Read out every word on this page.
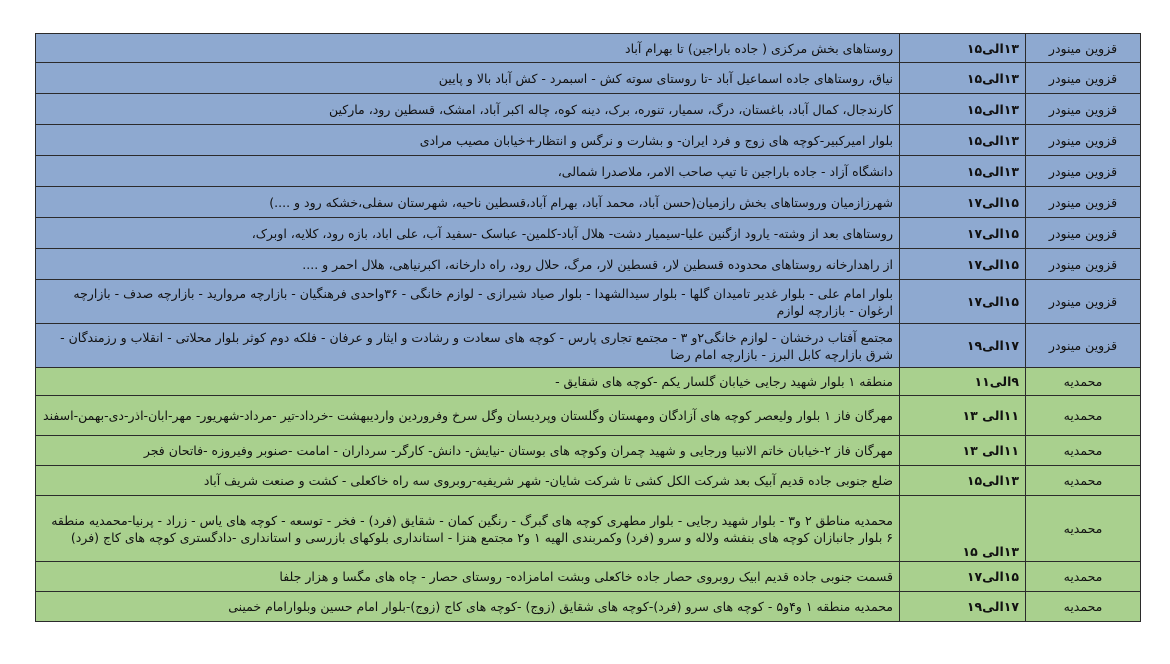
قزوین مینودر	۱۳الی۱۵	روستاهای بخش مرکزی ( جاده باراجین) تا بهرام آباد
قزوین مینودر	۱۳الی۱۵	نیاق، روستاهای جاده اسماعیل آباد -تا روستای سوته کش - اسبمرد - کش آباد بالا و پایین
قزوین مینودر	۱۳الی۱۵	کارندجال، کمال آباد، باغستان، درگ، سمیار، تنوره، برک، دینه کوه، چاله اکبر آباد، امشک، قسطین رود، مارکین
قزوین مینودر	۱۳الی۱۵	بلوار امیرکبیر-کوچه های زوج و فرد ایران- و بشارت و نرگس و انتظار+خیابان مصیب مرادی
قزوین مینودر	۱۳الی۱۵	دانشگاه آزاد - جاده باراجین تا تیپ صاحب الامر، ملاصدرا شمالی،
قزوین مینودر	۱۵الی۱۷	شهرزازمیان وروستاهای بخش رازمیان(حسن آباد، محمد آباد، بهرام آباد،قسطین ناحیه، شهرستان سفلی،خشکه رود و ....)
قزوین مینودر	۱۵الی۱۷	روستاهای بعد از وشته- یارود ازگنین علیا-سیمیار دشت- هلال آباد-کلمین- عباسک -سفید آب، علی اباد، بازه رود، کلایه، اوبرک،
قزوین مینودر	۱۵الی۱۷	از راهدارخانه روستاهای محدوده قسطین لار، قسطین لار، مرگ، حلال رود، راه دارخانه، اکبرنیاهی، هلال احمر و ....
قزوین مینودر	۱۵الی۱۷	بلوار امام علی - بلوار غدیر تامیدان گلها - بلوار سیدالشهدا - بلوار صیاد شیرازی - لوازم خانگی - ۳۶واحدی فرهنگیان - بازارچه مروارید - بازارچه صدف - بازارچه ارغوان - بازارچه لوازم
قزوین مینودر	۱۷الی۱۹	مجتمع آفتاب درخشان - لوازم خانگی۲و ۳ - مجتمع تجاری پارس - کوچه های سعادت و رشادت و ایثار و عرفان - فلکه دوم کوثر بلوار محلاتی - انقلاب و رزمندگان - شرق بازارچه کابل البرز - بازارچه امام رضا
محمدیه	۹الی۱۱	منطقه ۱ بلوار شهید رجایی خیابان گلسار یکم -کوچه های شقایق -
محمدیه	۱۱الی ۱۳	مهرگان فاز ۱ بلوار ولیعصر کوچه های آزادگان ومهستان وگلستان وپردیسان وگل سرخ وفروردین واردیبهشت -خرداد-تیر -مرداد-شهریور- مهر-ابان-اذر-دی-بهمن-اسفند
محمدیه	۱۱الی ۱۳	مهرگان فاز ۲-خیابان خاتم الانبیا ورجایی و شهید چمران وکوچه های بوستان -نیایش- دانش- کارگر- سرداران - امامت -صنوبر وفیروزه -فاتحان فجر
محمدیه	۱۳الی۱۵	ضلع جنوبی جاده قدیم آبیک بعد شرکت الکل کشی تا شرکت شایان- شهر شریفیه-روبروی سه راه خاکعلی - کشت و صنعت شریف آباد
محمدیه	۱۳الی ۱۵	محمدیه مناطق ۲ و۳ - بلوار شهید رجایی - بلوار مطهری کوچه های گبرگ - رنگین کمان - شقایق (فرد) - فخر - توسعه - کوچه های یاس - زراد - پرنیا-محمدیه منطقه ۶ بلوار جانبازان کوچه های بنفشه ولاله و سرو (فرد) وکمربندی الهیه ۱ و۲ مجتمع هنزا - استانداری بلوکهای بازرسی و استانداری -دادگستری کوچه های کاج (فرد)
محمدیه	۱۵الی۱۷	قسمت جنوبی جاده قدیم ابیک روبروی حصار جاده خاکعلی وبشت امامزاده- روستای حصار - چاه های مگسا و هزار جلفا
محمدیه	۱۷الی۱۹	محمدیه منطقه ۱ و۴و۵ - کوچه های سرو (فرد)-کوچه های شقایق (زوج) -کوچه های کاج (زوج)-بلوار امام حسین وبلوارامام خمینی
